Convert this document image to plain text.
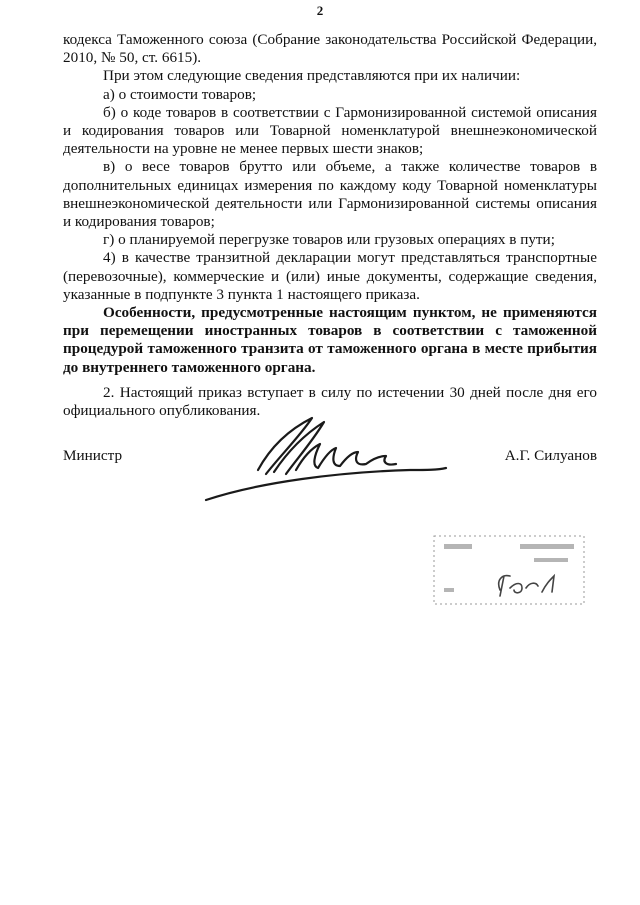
2

кодекса Таможенного союза (Собрание законодательства Российской Федерации, 2010, № 50, ст. 6615).

При этом следующие сведения представляются при их наличии:

а) о стоимости товаров;

б) о коде товаров в соответствии с Гармонизированной системой описания и кодирования товаров или Товарной номенклатурой внешнеэкономической деятельности на уровне не менее первых шести знаков;

в) о весе товаров брутто или объеме, а также количестве товаров в дополнительных единицах измерения по каждому коду Товарной номенклатуры внешнеэкономической деятельности или Гармонизированной системы описания и кодирования товаров;

г) о планируемой перегрузке товаров или грузовых операциях в пути;

4) в качестве транзитной декларации могут представляться транспортные (перевозочные), коммерческие и (или) иные документы, содержащие сведения, указанные в подпункте 3 пункта 1 настоящего приказа.

Особенности, предусмотренные настоящим пунктом, не применяются при перемещении иностранных товаров в соответствии с таможенной процедурой таможенного транзита от таможенного органа в месте прибытия до внутреннего таможенного органа.

2. Настоящий приказ вступает в силу по истечении 30 дней после дня его официального опубликования.

Министр	А.Г. Силуанов
